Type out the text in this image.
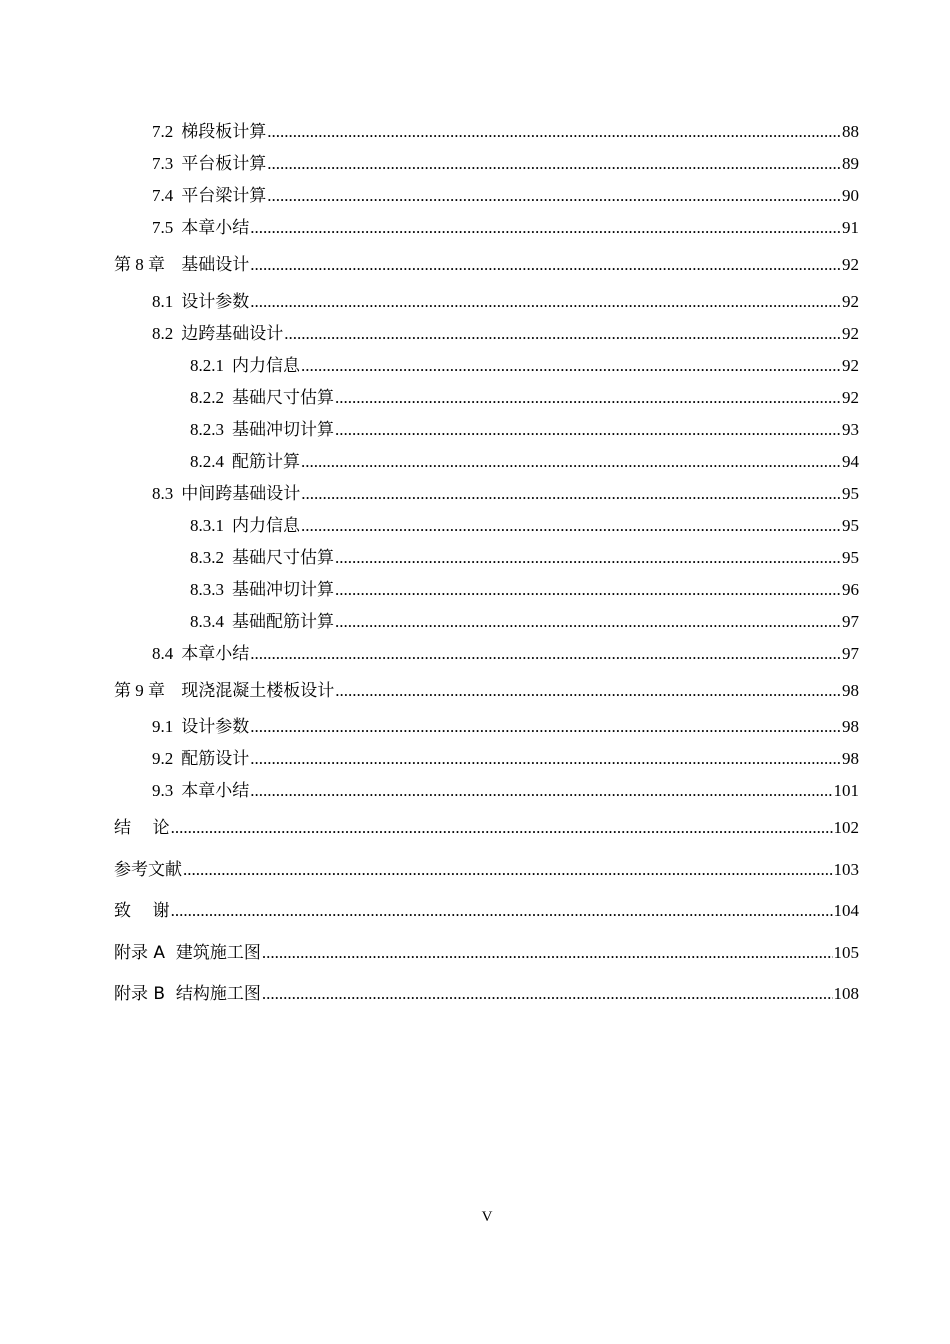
7.2 梯段板计算 .....	88
7.3 平台板计算 .....	89
7.4 平台梁计算 .....	90
7.5 本章小结 .....	91
第 8 章 基础设计 .....	92
8.1 设计参数 .....	92
8.2 边跨基础设计 .....	92
8.2.1 内力信息 .....	92
8.2.2 基础尺寸估算 .....	92
8.2.3 基础冲切计算 .....	93
8.2.4 配筋计算 .....	94
8.3 中间跨基础设计 .....	95
8.3.1 内力信息 .....	95
8.3.2 基础尺寸估算 .....	95
8.3.3 基础冲切计算 .....	96
8.3.4 基础配筋计算 .....	97
8.4 本章小结 .....	97
第 9 章 现浇混凝土楼板设计 .....	98
9.1 设计参数 .....	98
9.2 配筋设计 .....	98
9.3 本章小结 .....	101
结    论 .....	102
参考文献 .....	103
致    谢 .....	104
附录 A  建筑施工图 .....	105
附录 B  结构施工图 .....	108
V
